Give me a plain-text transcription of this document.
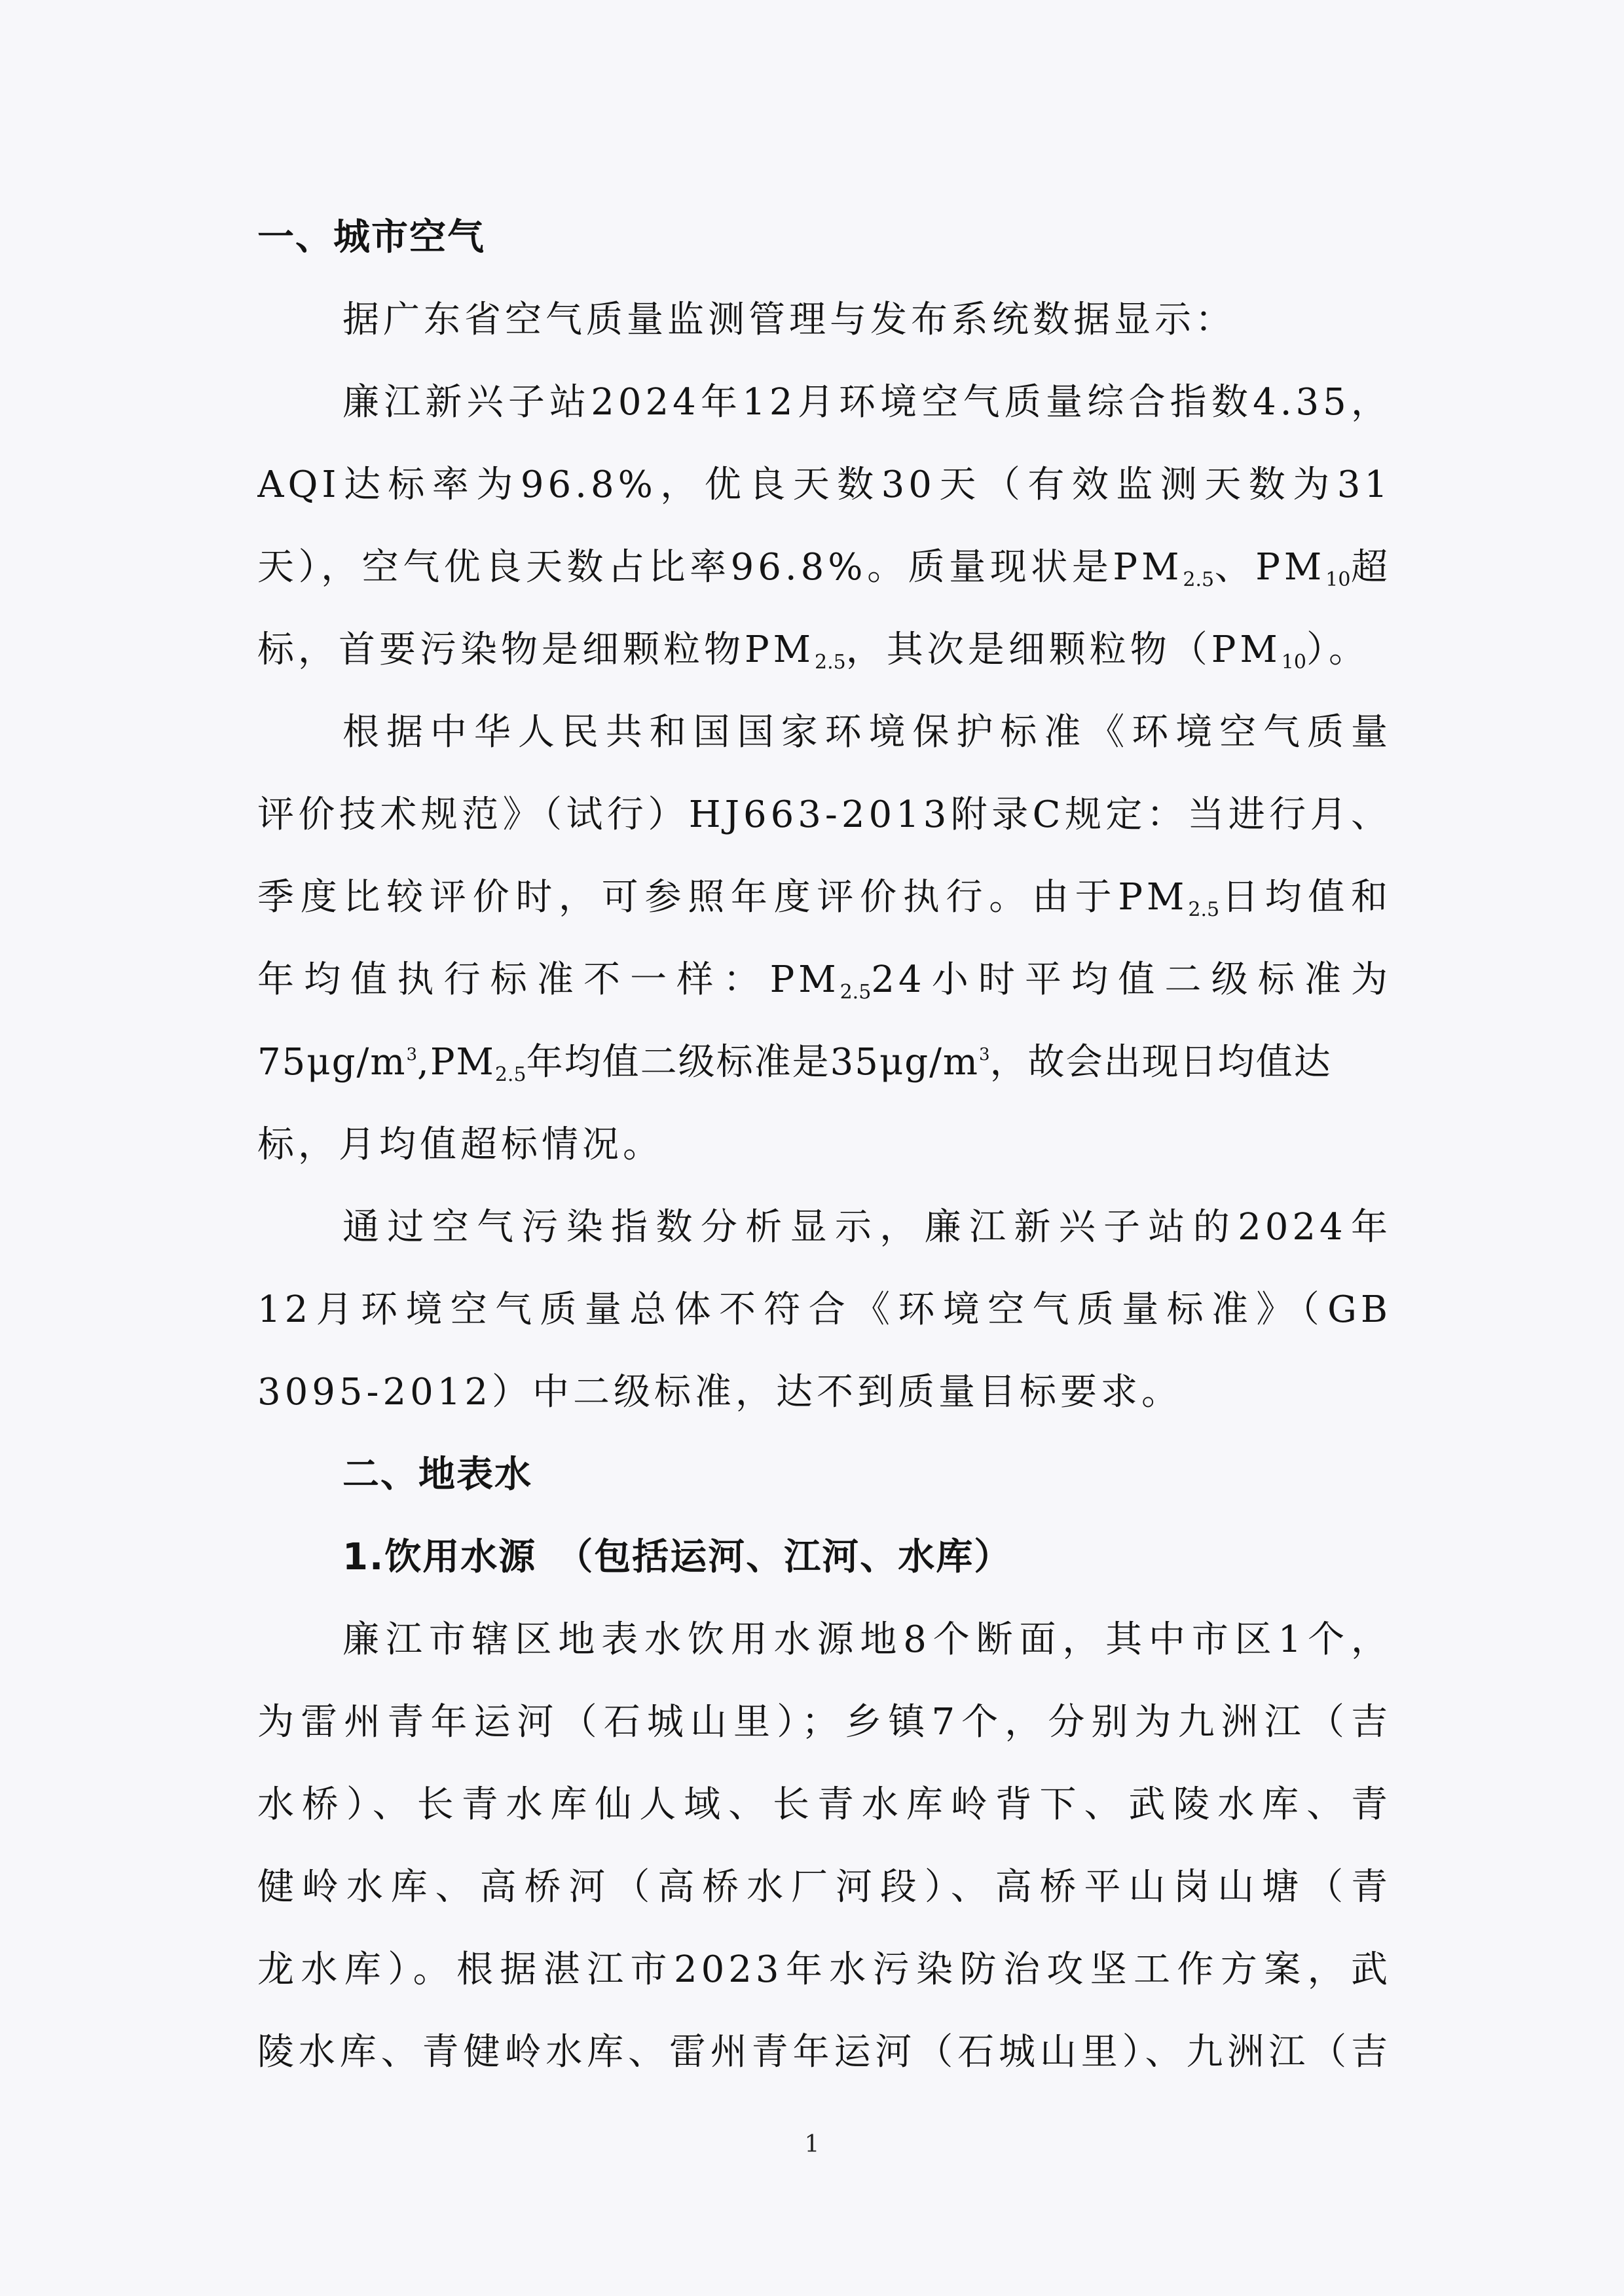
一、城市空气
据广东省空气质量监测管理与发布系统数据显示：
廉江新兴子站2024年12月环境空气质量综合指数4.35，
AQI达标率为96.8%，优良天数30天（有效监测天数为31
天），空气优良天数占比率96.8%。质量现状是$PM_{2.5}$、$PM_{10}$超
标，首要污染物是细颗粒物$PM_{2.5}$，其次是细颗粒物$(PM_{10})$。
根据中华人民共和国国家环境保护标准《环境空气质量
评价技术规范》（试行）HJ663-2013附录C规定：当进行月、
季度比较评价时，可参照年度评价执行。由于$PM_{2.5}$日均值和
年均值执行标准不一样：$PM_{2.5}24$小时平均值二级标准为
$75\mu g/m^3,PM_{2.5}$年均值二级标准是$35\mu g/m^3$，故会出现日均值达
标，月均值超标情况。
通过空气污染指数分析显示，廉江新兴子站的2024年
12月环境空气质量总体不符合《环境空气质量标准》（GB
3095-2012）中二级标准，达不到质量目标要求。
二、地表水
1.饮用水源　（包括运河、江河、水库）
廉江市辖区地表水饮用水源地8个断面，其中市区1个，
为雷州青年运河（石城山里）；乡镇7个，分别为九洲江（吉
水桥）、长青水库仙人域、长青水库岭背下、武陵水库、青
健岭水库、高桥河（高桥水厂河段）、高桥平山岗山塘（青
龙水库）。根据湛江市2023年水污染防治攻坚工作方案，武
陵水库、青健岭水库、雷州青年运河（石城山里）、九洲江（吉
1
